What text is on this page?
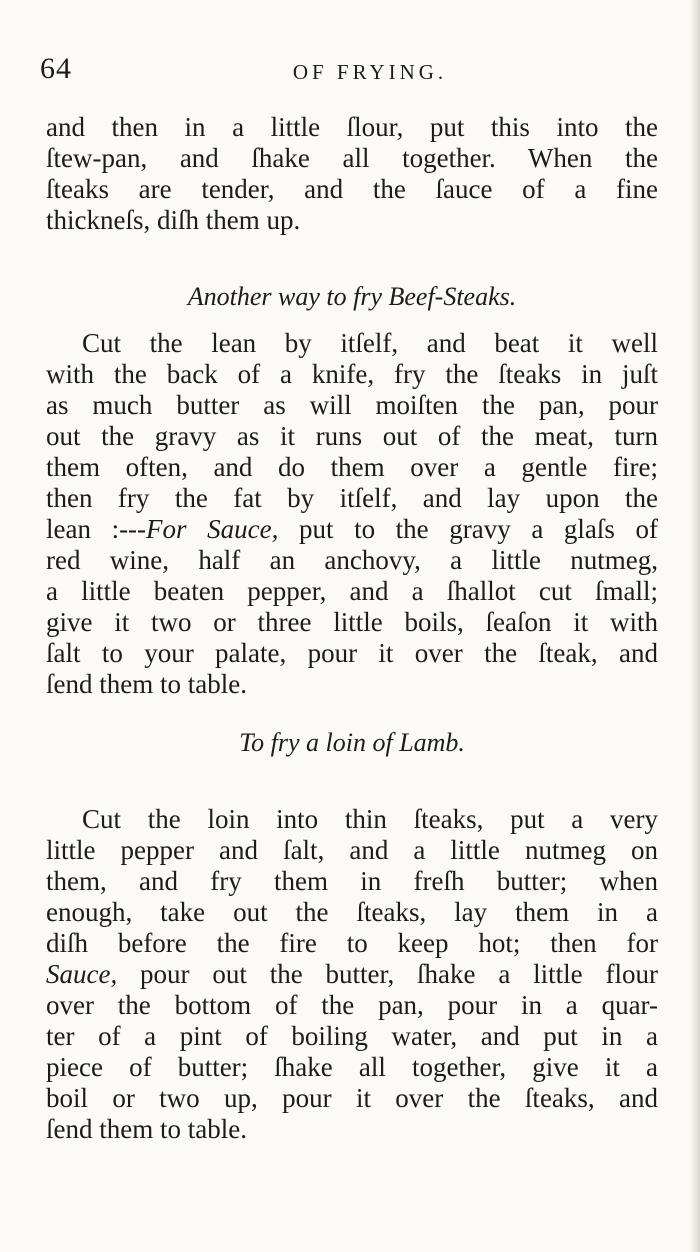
64	OF FRYING.
and then in a little ſlour, put this into the
ſtew-pan, and ſhake all together. When the
ſteaks are tender, and the ſauce of a fine
thickneſs, diſh them up.
Another way to fry Beef-Steaks.
Cut the lean by itſelf, and beat it well
with the back of a knife, fry the ſteaks in juſt
as much butter as will moiſten the pan, pour
out the gravy as it runs out of the meat, turn
them often, and do them over a gentle fire;
then fry the fat by itſelf, and lay upon the
lean :---For Sauce, put to the gravy a glaſs of
red wine, half an anchovy, a little nutmeg,
a little beaten pepper, and a ſhallot cut ſmall;
give it two or three little boils, ſeaſon it with
ſalt to your palate, pour it over the ſteak, and
ſend them to table.
To fry a loin of Lamb.
Cut the loin into thin ſteaks, put a very
little pepper and ſalt, and a little nutmeg on
them, and fry them in freſh butter; when
enough, take out the ſteaks, lay them in a
diſh before the fire to keep hot; then for
Sauce, pour out the butter, ſhake a little flour
over the bottom of the pan, pour in a quar-
ter of a pint of boiling water, and put in a
piece of butter; ſhake all together, give it a
boil or two up, pour it over the ſteaks, and
ſend them to table.
